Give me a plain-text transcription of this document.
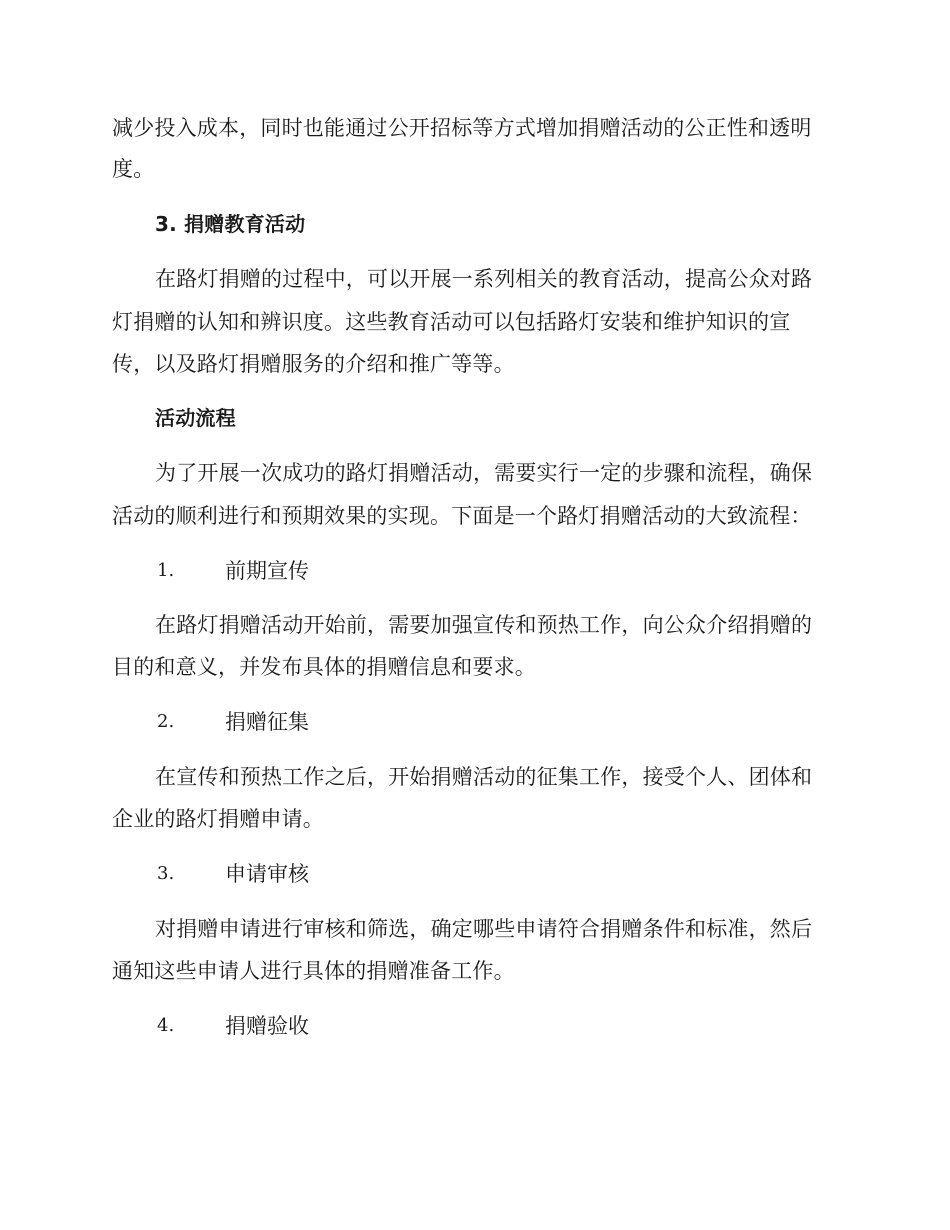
减少投入成本，同时也能通过公开招标等方式增加捐赠活动的公正性和透明
度。
3. 捐赠教育活动
在路灯捐赠的过程中，可以开展一系列相关的教育活动，提高公众对路
灯捐赠的认知和辨识度。这些教育活动可以包括路灯安装和维护知识的宣
传，以及路灯捐赠服务的介绍和推广等等。
活动流程
为了开展一次成功的路灯捐赠活动，需要实行一定的步骤和流程，确保
活动的顺利进行和预期效果的实现。下面是一个路灯捐赠活动的大致流程：
1. 前期宣传
在路灯捐赠活动开始前，需要加强宣传和预热工作，向公众介绍捐赠的
目的和意义，并发布具体的捐赠信息和要求。
2. 捐赠征集
在宣传和预热工作之后，开始捐赠活动的征集工作，接受个人、团体和
企业的路灯捐赠申请。
3. 申请审核
对捐赠申请进行审核和筛选，确定哪些申请符合捐赠条件和标准，然后
通知这些申请人进行具体的捐赠准备工作。
4. 捐赠验收
